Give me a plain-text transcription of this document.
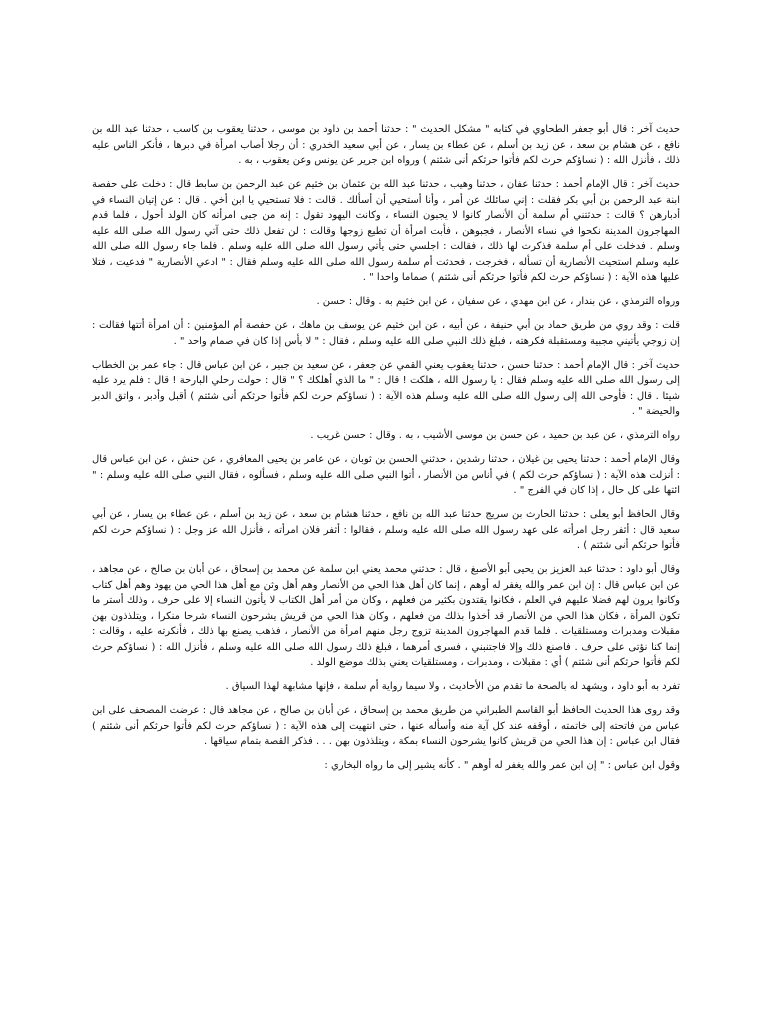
حديث آخر : قال أبو جعفر الطحاوي في كتابه " مشكل الحديث " : حدثنا أحمد بن داود بن موسى ، حدثنا يعقوب بن كاسب ، حدثنا عبد الله بن نافع ، عن هشام بن سعد ، عن زيد بن أسلم ، عن عطاء بن يسار ، عن أبي سعيد الخدري : أن رجلا أصاب امرأة في دبرها ، فأنكر الناس عليه ذلك ، فأنزل الله : ( نساؤكم حرث لكم فأتوا حرثكم أنى شئتم ) ورواه ابن جرير عن يونس وعن يعقوب ، به .

حديث آخر : قال الإمام أحمد : حدثنا عفان ، حدثنا وهيب ، حدثنا عبد الله بن عثمان بن خثيم عن عبد الرحمن بن سابط قال : دخلت على حفصة ابنة عبد الرحمن بن أبي بكر فقلت : إني سائلك عن أمر ، وأنا أستحيي أن أسألك . قالت : فلا تستحيي يا ابن أخي . قال : عن إتيان النساء في أدبارهن ؟ قالت : حدثتني أم سلمة أن الأنصار كانوا لا يجبون النساء ، وكانت اليهود تقول : إنه من جبى امرأته كان الولد أحول ، فلما قدم المهاجرون المدينة نكحوا في نساء الأنصار ، فجبوهن ، فأبت امرأة أن تطيع زوجها وقالت : لن تفعل ذلك حتى آتي رسول الله صلى الله عليه وسلم . فدخلت على أم سلمة فذكرت لها ذلك ، فقالت : اجلسي حتى يأتي رسول الله صلى الله عليه وسلم . فلما جاء رسول الله صلى الله عليه وسلم استحيت الأنصارية أن تسأله ، فخرجت ، فحدثت أم سلمة رسول الله صلى الله عليه وسلم فقال : " ادعي الأنصارية " فدعيت ، فتلا عليها هذه الآية : ( نساؤكم حرث لكم فأتوا حرثكم أنى شئتم ) صماما واحدا " .

ورواه الترمذي ، عن بندار ، عن ابن مهدي ، عن سفيان ، عن ابن خثيم به . وقال : حسن .

قلت : وقد روي من طريق حماد بن أبي حنيفة ، عن أبيه ، عن ابن خثيم عن يوسف بن ماهك ، عن حفصة أم المؤمنين : أن امرأة أتتها فقالت : إن زوجي يأتيني مجبية ومستقبلة فكرهته ، فبلغ ذلك النبي صلى الله عليه وسلم ، فقال : " لا بأس إذا كان في صمام واحد " .

حديث آخر : قال الإمام أحمد : حدثنا حسن ، حدثنا يعقوب يعني القمي عن جعفر ، عن سعيد بن جبير ، عن ابن عباس قال : جاء عمر بن الخطاب إلى رسول الله صلى الله عليه وسلم فقال : يا رسول الله ، هلكت ! قال : " ما الذي أهلكك ؟ " قال : حولت رحلي البارحة ! قال : فلم يرد عليه شيئا . قال : فأوحى الله إلى رسول الله صلى الله عليه وسلم هذه الآية : ( نساؤكم حرث لكم فأتوا حرثكم أنى شئتم ) أقبل وأدبر ، واتق الدبر والحيضة " .

رواه الترمذي ، عن عبد بن حميد ، عن حسن بن موسى الأشيب ، به . وقال : حسن غريب .

وقال الإمام أحمد : حدثنا يحيى بن غيلان ، حدثنا رشدين ، حدثني الحسن بن ثوبان ، عن عامر بن يحيى المعافري ، عن حنش ، عن ابن عباس قال : أنزلت هذه الآية : ( نساؤكم حرث لكم ) في أناس من الأنصار ، أتوا النبي صلى الله عليه وسلم ، فسألوه ، فقال النبي صلى الله عليه وسلم : " ائتها على كل حال ، إذا كان في الفرج " .

وقال الحافظ أبو يعلى : حدثنا الحارث بن سريج حدثنا عبد الله بن نافع ، حدثنا هشام بن سعد ، عن زيد بن أسلم ، عن عطاء بن يسار ، عن أبي سعيد قال : أثفر رجل امرأته على عهد رسول الله صلى الله عليه وسلم ، فقالوا : أثفر فلان امرأته ، فأنزل الله عز وجل : ( نساؤكم حرث لكم فأتوا حرثكم أنى شئتم ) .

وقال أبو داود : حدثنا عبد العزيز بن يحيى أبو الأصبغ ، قال : حدثني محمد يعني ابن سلمة عن محمد بن إسحاق ، عن أبان بن صالح ، عن مجاهد ، عن ابن عباس قال : إن ابن عمر والله يغفر له أوهم ، إنما كان أهل هذا الحي من الأنصار وهم أهل وثن مع أهل هذا الحي من يهود وهم أهل كتاب وكانوا يرون لهم فضلا عليهم في العلم ، فكانوا يقتدون بكثير من فعلهم ، وكان من أمر أهل الكتاب لا يأتون النساء إلا على حرف ، وذلك أستر ما تكون المرأة ، فكان هذا الحي من الأنصار قد أخذوا بذلك من فعلهم ، وكان هذا الحي من قريش يشرحون النساء شرحا منكرا ، ويتلذذون بهن مقبلات ومدبرات ومستلقيات . فلما قدم المهاجرون المدينة تزوج رجل منهم امرأة من الأنصار ، فذهب يصنع بها ذلك ، فأنكرته عليه ، وقالت : إنما كنا نؤتى على حرف . فاصنع ذلك وإلا فاجتنبني ، فسرى أمرهما ، فبلغ ذلك رسول الله صلى الله عليه وسلم ، فأنزل الله : ( نساؤكم حرث لكم فأتوا حرثكم أنى شئتم ) أي : مقبلات ، ومدبرات ، ومستلقيات يعني بذلك موضع الولد .

تفرد به أبو داود ، ويشهد له بالصحة ما تقدم من الأحاديث ، ولا سيما رواية أم سلمة ، فإنها مشابهة لهذا السياق .

وقد روى هذا الحديث الحافظ أبو القاسم الطبراني من طريق محمد بن إسحاق ، عن أبان بن صالح ، عن مجاهد قال : عرضت المصحف على ابن عباس من فاتحته إلى خاتمته ، أوقفه عند كل آية منه وأسأله عنها ، حتى انتهيت إلى هذه الآية : ( نساؤكم حرث لكم فأتوا حرثكم أنى شئتم ) فقال ابن عباس : إن هذا الحي من قريش كانوا يشرحون النساء بمكة ، ويتلذذون بهن . . . فذكر القصة بتمام سياقها .

وقول ابن عباس : " إن ابن عمر والله يغفر له أوهم " . كأنه يشير إلى ما رواه البخاري :
